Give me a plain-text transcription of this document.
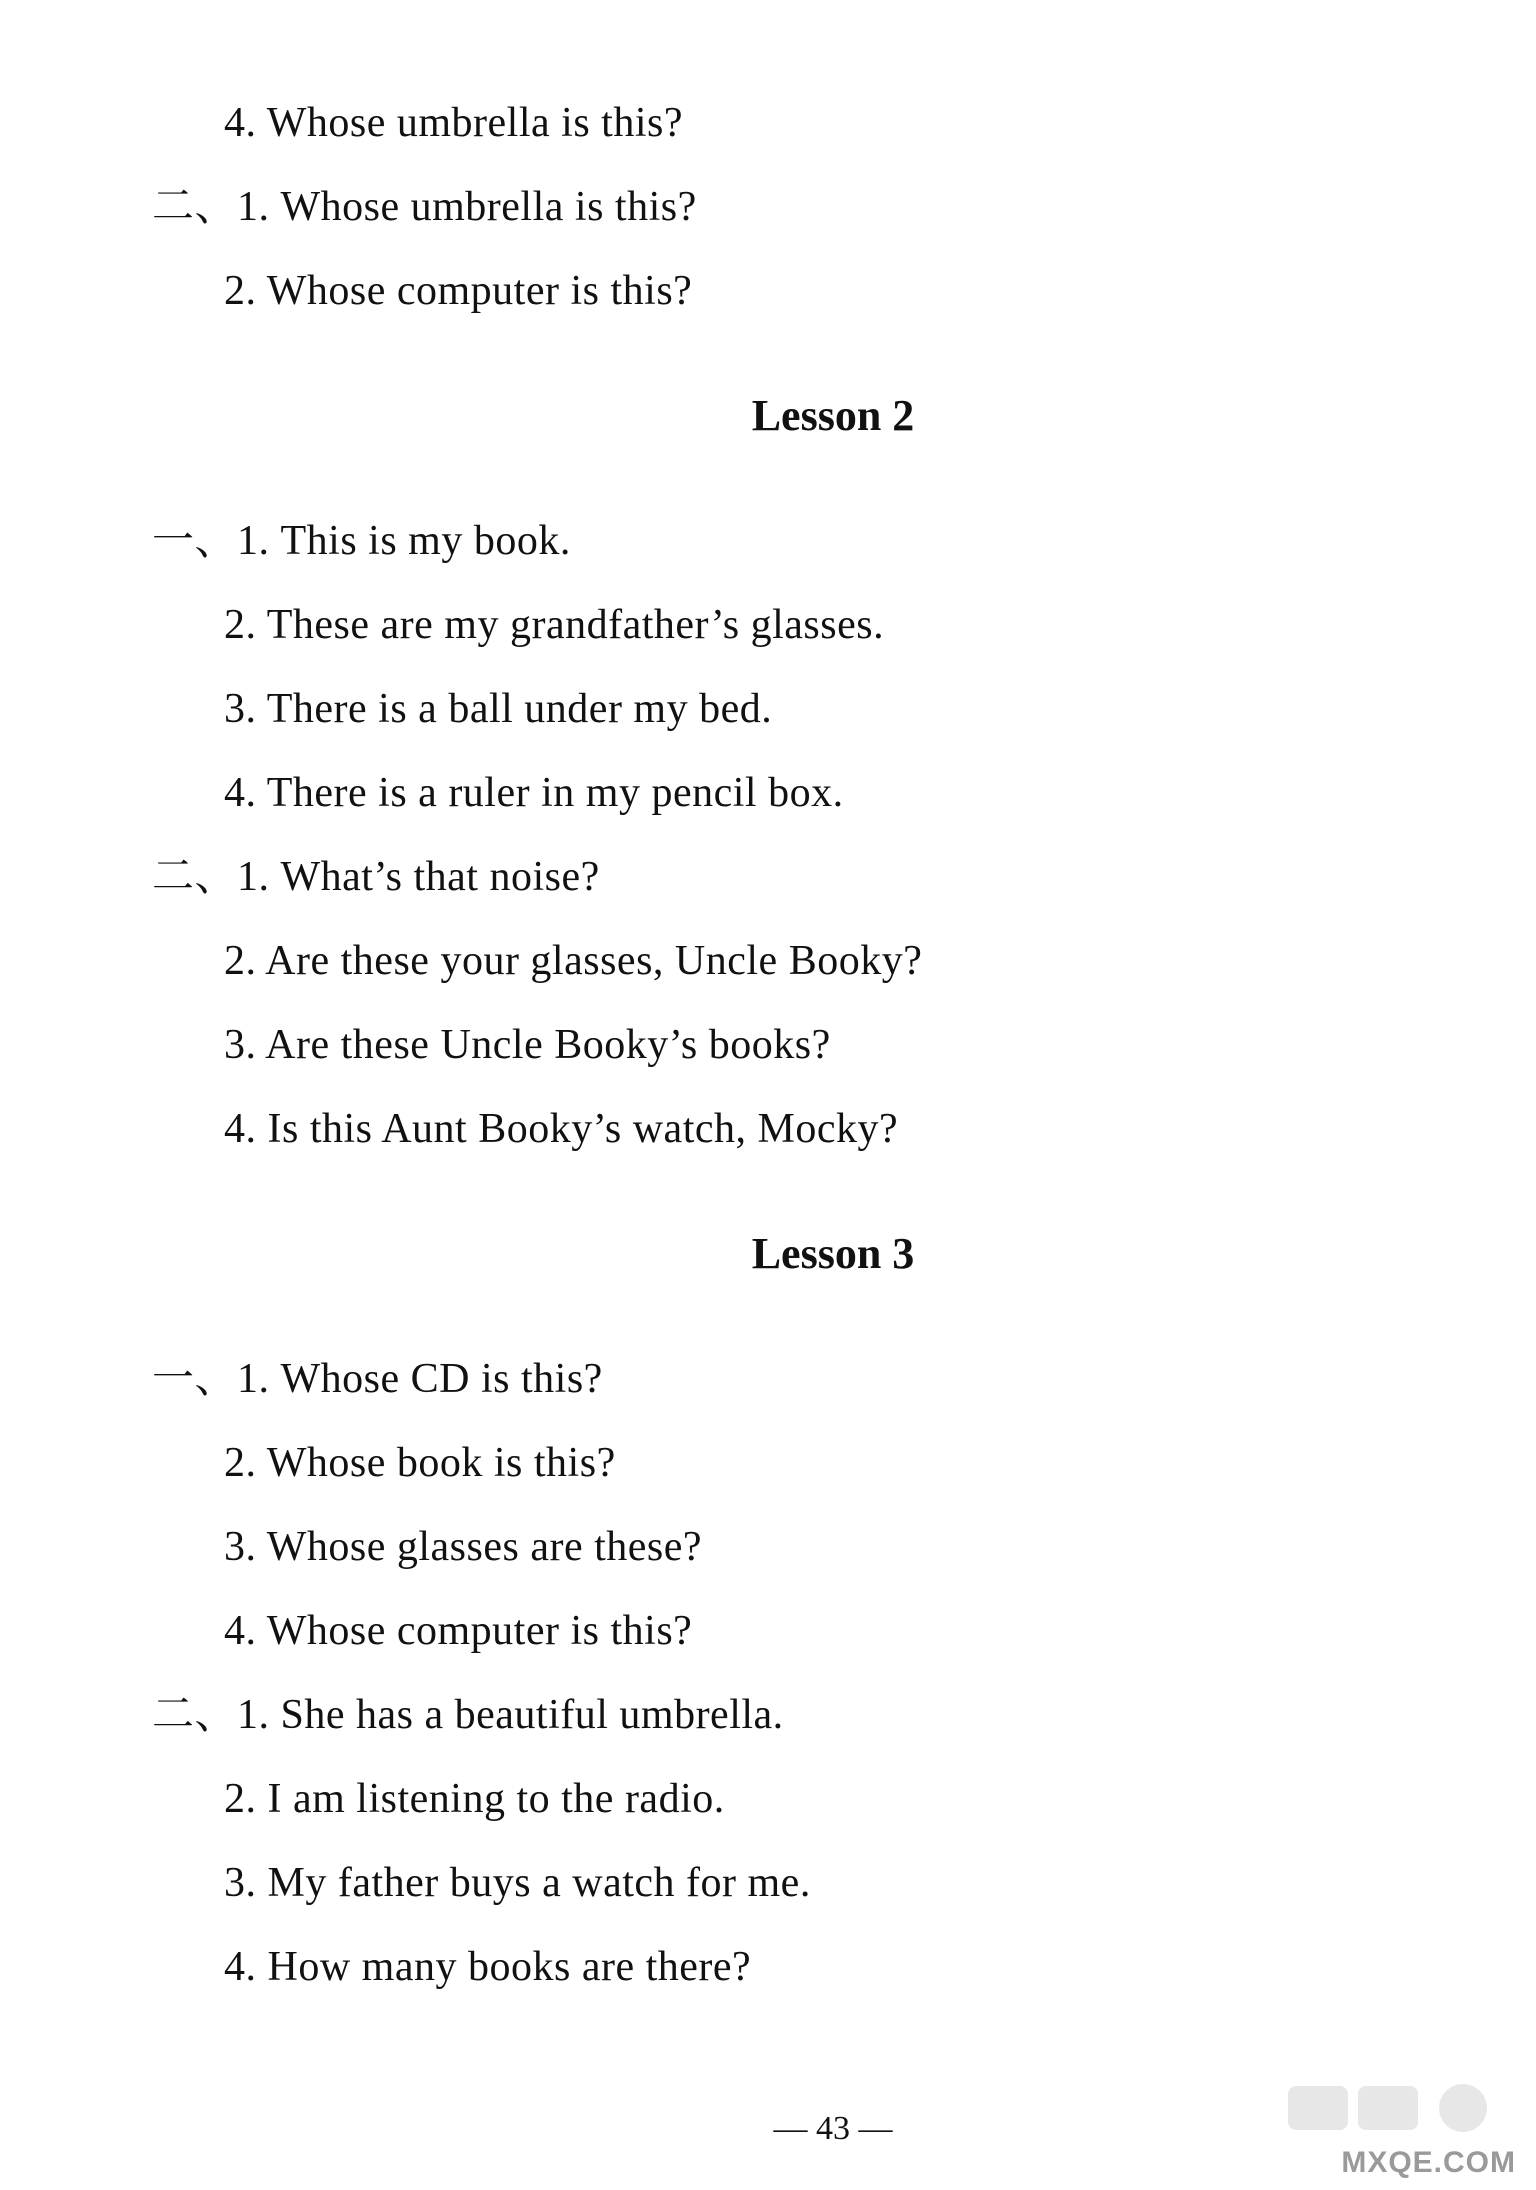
4. Whose umbrella is this?
二、1. Whose umbrella is this?
2. Whose computer is this?
Lesson 2
一、1. This is my book.
2. These are my grandfather’s glasses.
3. There is a ball under my bed.
4. There is a ruler in my pencil box.
二、1. What’s that noise?
2. Are these your glasses, Uncle Booky?
3. Are these Uncle Booky’s books?
4. Is this Aunt Booky’s watch, Mocky?
Lesson 3
一、1. Whose CD is this?
2. Whose book is this?
3. Whose glasses are these?
4. Whose computer is this?
二、1. She has a beautiful umbrella.
2. I am listening to the radio.
3. My father buys a watch for me.
4. How many books are there?
— 43 —
MXQE.COM
